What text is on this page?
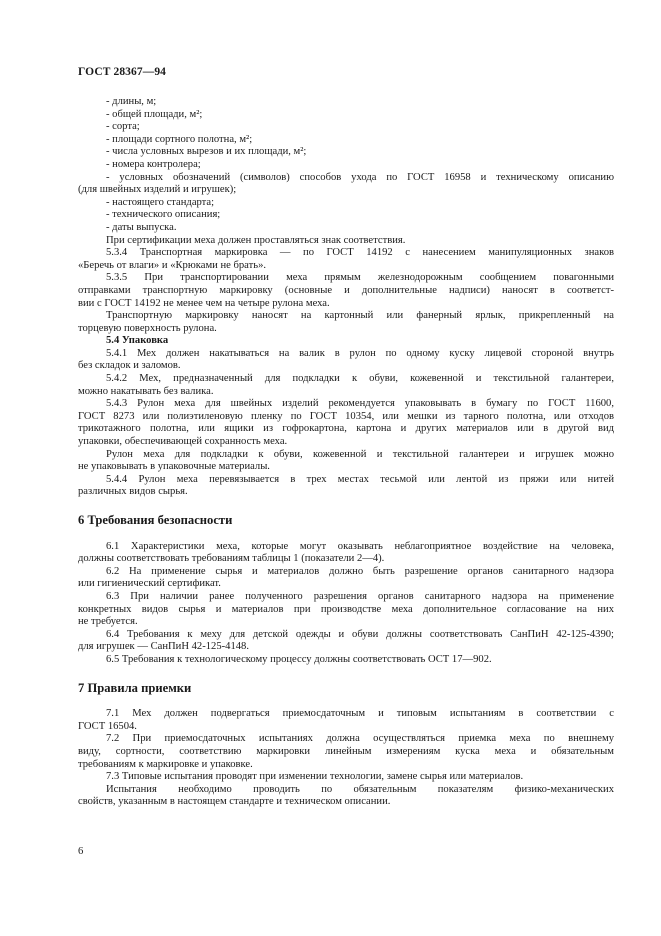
ГОСТ 28367—94
- длины, м;
- общей площади, м²;
- сорта;
- площади сортного полотна, м²;
- числа условных вырезов и их площади, м²;
- номера контролера;
- условных обозначений (символов) способов ухода по ГОСТ 16958 и техническому описанию
(для швейных изделий и игрушек);
- настоящего стандарта;
- технического описания;
- даты выпуска.
При сертификации меха должен проставляться знак соответствия.
5.3.4 Транспортная маркировка — по ГОСТ 14192 с нанесением манипуляционных знаков
«Беречь от влаги» и «Крюками не брать».
5.3.5 При транспортировании меха прямым железнодорожным сообщением повагонными
отправками транспортную маркировку (основные и дополнительные надписи) наносят в соответст-
вии с ГОСТ 14192 не менее чем на четыре рулона меха.
Транспортную маркировку наносят на картонный или фанерный ярлык, прикрепленный на
торцевую поверхность рулона.
5.4 Упаковка
5.4.1 Мех должен накатываться на валик в рулон по одному куску лицевой стороной внутрь
без складок и заломов.
5.4.2 Мех, предназначенный для подкладки к обуви, кожевенной и текстильной галантереи,
можно накатывать без валика.
5.4.3 Рулон меха для швейных изделий рекомендуется упаковывать в бумагу по ГОСТ 11600,
ГОСТ 8273 или полиэтиленовую пленку по ГОСТ 10354, или мешки из тарного полотна, или отходов
трикотажного полотна, или ящики из гофрокартона, картона и других материалов или в другой вид
упаковки, обеспечивающей сохранность меха.
Рулон меха для подкладки к обуви, кожевенной и текстильной галантереи и игрушек можно
не упаковывать в упаковочные материалы.
5.4.4 Рулон меха перевязывается в трех местах тесьмой или лентой из пряжи или нитей
различных видов сырья.
6 Требования безопасности
6.1 Характеристики меха, которые могут оказывать неблагоприятное воздействие на человека,
должны соответствовать требованиям таблицы 1 (показатели 2—4).
6.2 На применение сырья и материалов должно быть разрешение органов санитарного надзора
или гигиенический сертификат.
6.3 При наличии ранее полученного разрешения органов санитарного надзора на применение
конкретных видов сырья и материалов при производстве меха дополнительное согласование на них
не требуется.
6.4 Требования к меху для детской одежды и обуви должны соответствовать СанПиН 42-125-4390;
для игрушек — СанПиН 42-125-4148.
6.5 Требования к технологическому процессу должны соответствовать ОСТ 17—902.
7 Правила приемки
7.1 Мех должен подвергаться приемосдаточным и типовым испытаниям в соответствии с
ГОСТ 16504.
7.2 При приемосдаточных испытаниях должна осуществляться приемка меха по внешнему
виду, сортности, соответствию маркировки линейным измерениям куска меха и обязательным
требованиям к маркировке и упаковке.
7.3 Типовые испытания проводят при изменении технологии, замене сырья или материалов.
Испытания необходимо проводить по обязательным показателям физико-механических
свойств, указанным в настоящем стандарте и техническом описании.
6
